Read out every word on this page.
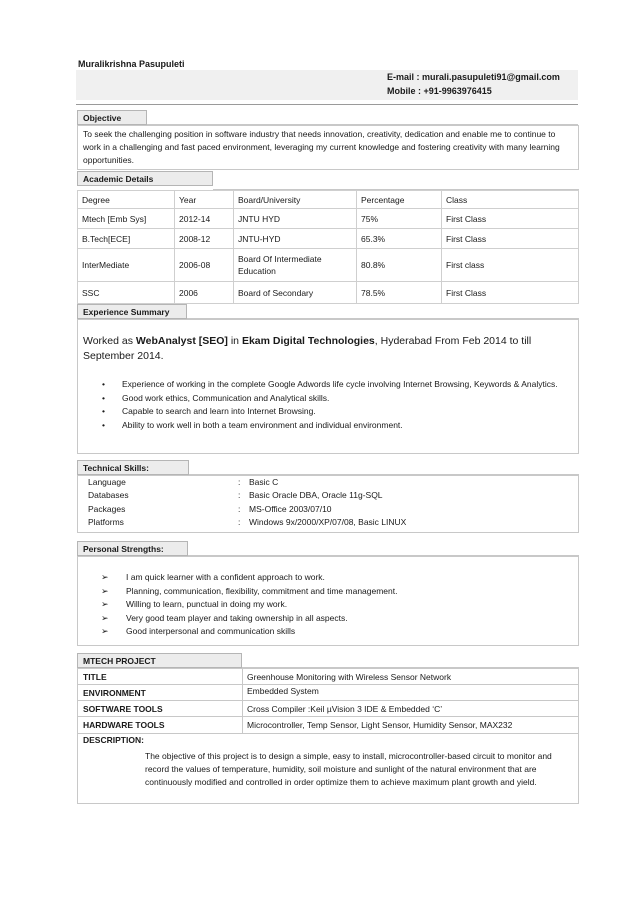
Muralikrishna Pasupuleti
E-mail : murali.pasupuleti91@gmail.com
Mobile : +91-9963976415
Objective
To seek the challenging position in software industry that needs innovation, creativity, dedication and enable me to continue to work in a challenging and fast paced environment, leveraging my current knowledge and fostering creativity with many learning opportunities.
Academic Details
Degree	Year	Board/University	Percentage	Class
Mtech [Emb Sys]	2012-14	JNTU HYD	75%	First Class
B.Tech[ECE]	2008-12	JNTU-HYD	65.3%	First Class
InterMediate	2006-08	Board Of Intermediate Education	80.8%	First class
SSC	2006	Board of Secondary	78.5%	First Class
Experience Summary
Worked as WebAnalyst [SEO] in Ekam Digital Technologies, Hyderabad From Feb 2014 to till September 2014.
• Experience of working in the complete Google Adwords life cycle involving Internet Browsing, Keywords & Analytics.
• Good work ethics, Communication and Analytical skills.
• Capable to search and learn into Internet Browsing.
• Ability to work well in both a team environment and individual environment.
Technical Skills:
Language	: Basic C
Databases	: Basic Oracle DBA, Oracle 11g-SQL
Packages	: MS-Office 2003/07/10
Platforms	: Windows 9x/2000/XP/07/08, Basic LINUX
Personal Strengths:
➢ I am quick learner with a confident approach to work.
➢ Planning, communication, flexibility, commitment and time management.
➢ Willing to learn, punctual in doing my work.
➢ Very good team player and taking ownership in all aspects.
➢ Good interpersonal and communication skills
MTECH PROJECT
TITLE	Greenhouse Monitoring with Wireless Sensor Network
ENVIRONMENT	Embedded System
SOFTWARE TOOLS	Cross Compiler :Keil µVision 3 IDE & Embedded ‘C’
HARDWARE TOOLS	Microcontroller, Temp Sensor, Light Sensor, Humidity Sensor, MAX232
DESCRIPTION:
The objective of this project is to design a simple, easy to install, microcontroller-based circuit to monitor and record the values of temperature, humidity, soil moisture and sunlight of the natural environment that are continuously modified and controlled in order optimize them to achieve maximum plant growth and yield.
